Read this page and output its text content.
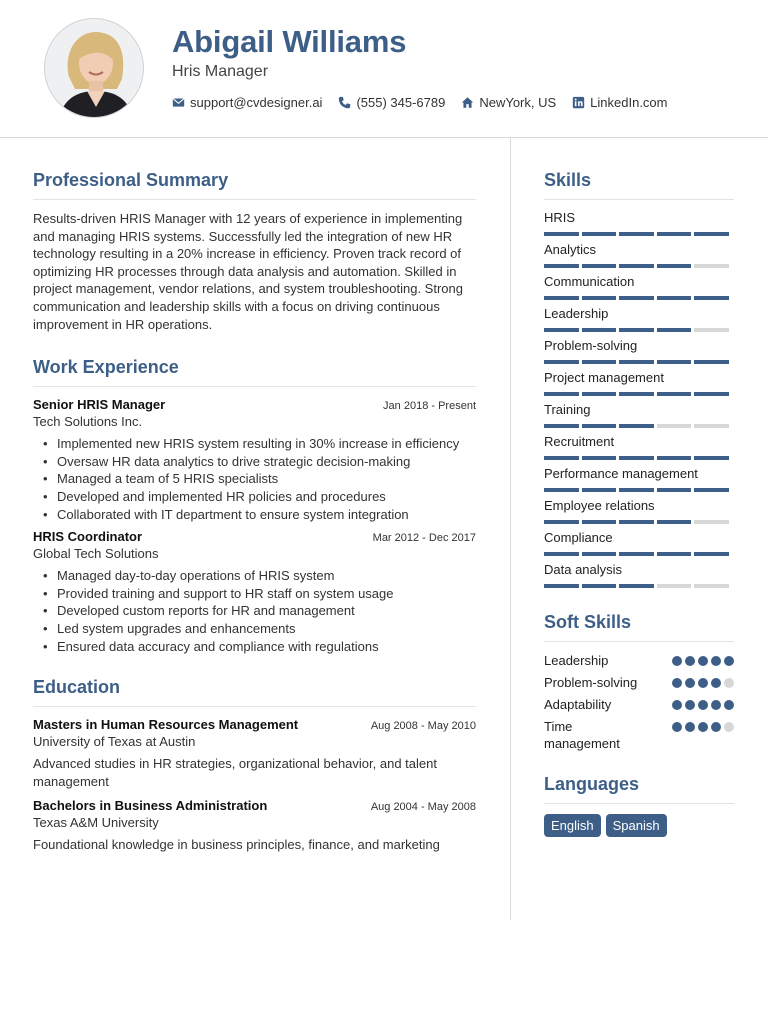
Abigail Williams
Hris Manager
support@cvdesigner.ai	(555) 345-6789	NewYork, US	LinkedIn.com
Professional Summary

Results-driven HRIS Manager with 12 years of experience in implementing and managing HRIS systems. Successfully led the integration of new HR technology resulting in a 20% increase in efficiency. Proven track record of optimizing HR processes through data analysis and automation. Skilled in project management, vendor relations, and system troubleshooting. Strong communication and leadership skills with a focus on driving continuous improvement in HR operations.

Work Experience
Senior HRIS Manager	Jan 2018 - Present
Tech Solutions Inc.
• Implemented new HRIS system resulting in 30% increase in efficiency
• Oversaw HR data analytics to drive strategic decision-making
• Managed a team of 5 HRIS specialists
• Developed and implemented HR policies and procedures
• Collaborated with IT department to ensure system integration
HRIS Coordinator	Mar 2012 - Dec 2017
Global Tech Solutions
• Managed day-to-day operations of HRIS system
• Provided training and support to HR staff on system usage
• Developed custom reports for HR and management
• Led system upgrades and enhancements
• Ensured data accuracy and compliance with regulations
Education
Masters in Human Resources Management	Aug 2008 - May 2010
University of Texas at Austin
Advanced studies in HR strategies, organizational behavior, and talent management
Bachelors in Business Administration	Aug 2004 - May 2008
Texas A&M University
Foundational knowledge in business principles, finance, and marketing
Skills
HRIS
Analytics
Communication
Leadership
Problem-solving
Project management
Training
Recruitment
Performance management
Employee relations
Compliance
Data analysis
Soft Skills
Leadership
Problem-solving
Adaptability
Time management
Languages
English	Spanish
